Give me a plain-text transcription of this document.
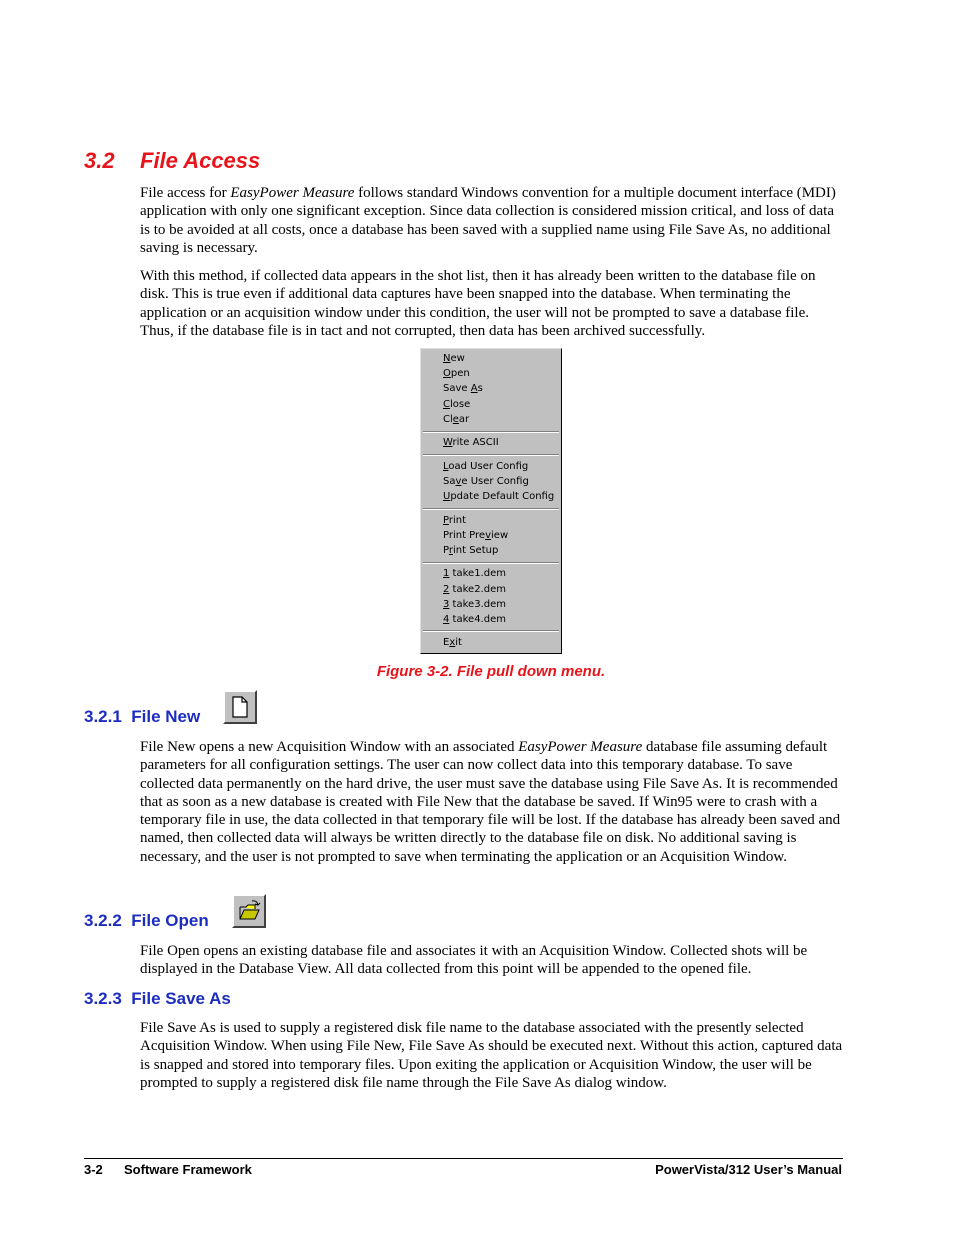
3.2 File Access

File access for EasyPower Measure follows standard Windows convention for a multiple document interface (MDI) application with only one significant exception. Since data collection is considered mission critical, and loss of data is to be avoided at all costs, once a database has been saved with a supplied name using File Save As, no additional saving is necessary.

With this method, if collected data appears in the shot list, then it has already been written to the database file on disk. This is true even if additional data captures have been snapped into the database. When terminating the application or an acquisition window under this condition, the user will not be prompted to save a database file. Thus, if the database file is in tact and not corrupted, then data has been archived successfully.

New
Open
Save As
Close
Clear
Write ASCII
Load User Config
Save User Config
Update Default Config
Print
Print Preview
Print Setup
1 take1.dem
2 take2.dem
3 take3.dem
4 take4.dem
Exit

Figure 3-2. File pull down menu.

3.2.1 File New

File New opens a new Acquisition Window with an associated EasyPower Measure database file assuming default parameters for all configuration settings. The user can now collect data into this temporary database. To save collected data permanently on the hard drive, the user must save the database using File Save As. It is recommended that as soon as a new database is created with File New that the database be saved. If Win95 were to crash with a temporary file in use, the data collected in that temporary file will be lost. If the database has already been saved and named, then collected data will always be written directly to the database file on disk. No additional saving is necessary, and the user is not prompted to save when terminating the application or an Acquisition Window.

3.2.2 File Open

File Open opens an existing database file and associates it with an Acquisition Window. Collected shots will be displayed in the Database View. All data collected from this point will be appended to the opened file.

3.2.3 File Save As

File Save As is used to supply a registered disk file name to the database associated with the presently selected Acquisition Window. When using File New, File Save As should be executed next. Without this action, captured data is snapped and stored into temporary files. Upon exiting the application or Acquisition Window, the user will be prompted to supply a registered disk file name through the File Save As dialog window.

3-2 Software Framework	PowerVista/312 User’s Manual
